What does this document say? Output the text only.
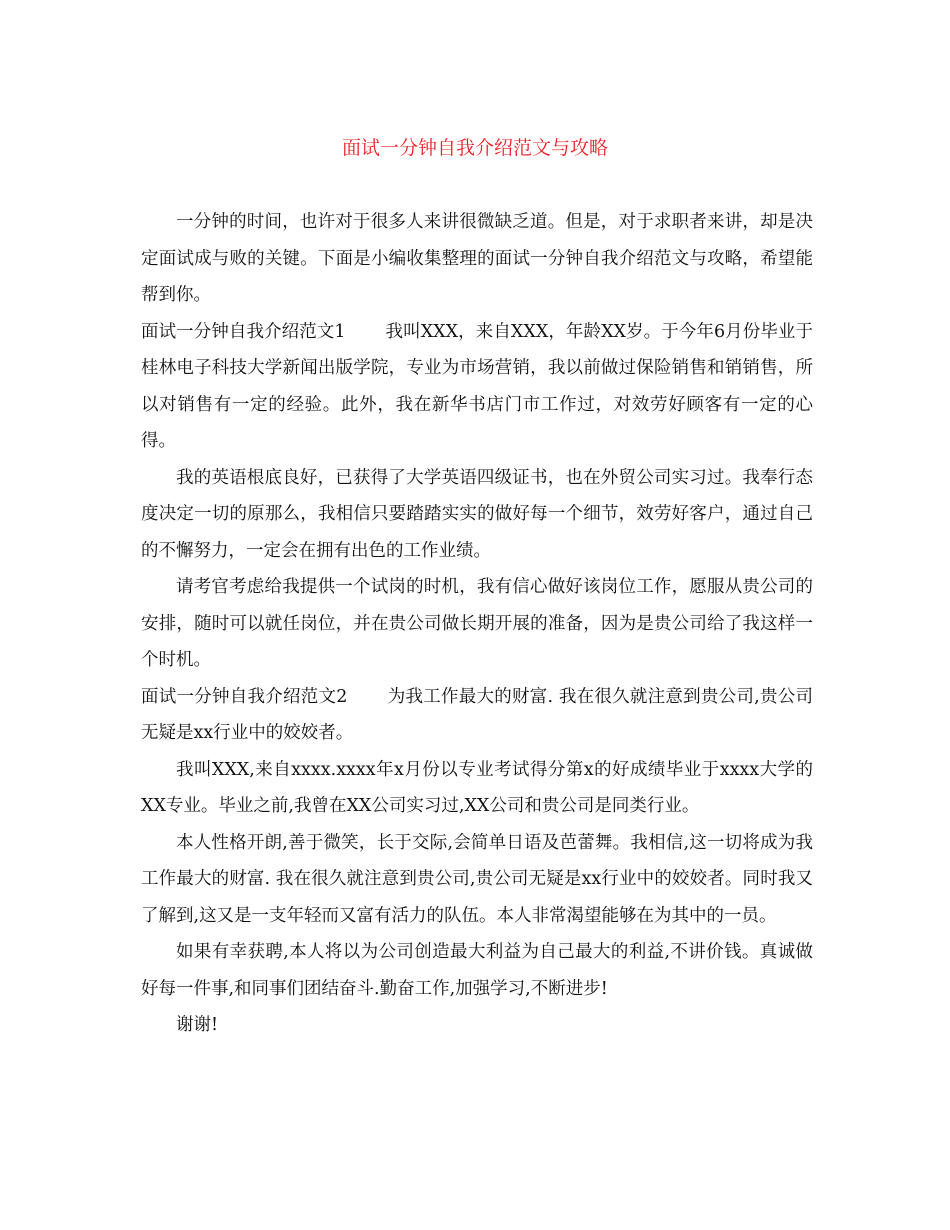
面试一分钟自我介绍范文与攻略

一分钟的时间，也许对于很多人来讲很微缺乏道。但是，对于求职者来讲，却是决定面试成与败的关键。下面是小编收集整理的面试一分钟自我介绍范文与攻略，希望能帮到你。

面试一分钟自我介绍范文1 我叫XXX，来自XXX，年龄XX岁。于今年6月份毕业于桂林电子科技大学新闻出版学院，专业为市场营销，我以前做过保险销售和销销售，所以对销售有一定的经验。此外，我在新华书店门市工作过，对效劳好顾客有一定的心得。

我的英语根底良好，已获得了大学英语四级证书，也在外贸公司实习过。我奉行态度决定一切的原那么，我相信只要踏踏实实的做好每一个细节，效劳好客户，通过自己的不懈努力，一定会在拥有出色的工作业绩。

请考官考虑给我提供一个试岗的时机，我有信心做好该岗位工作，愿服从贵公司的安排，随时可以就任岗位，并在贵公司做长期开展的准备，因为是贵公司给了我这样一个时机。

面试一分钟自我介绍范文2 为我工作最大的财富. 我在很久就注意到贵公司,贵公司无疑是xx行业中的姣姣者。

我叫XXX,来自xxxx.xxxx年x月份以专业考试得分第x的好成绩毕业于xxxx大学的XX专业。毕业之前,我曾在XX公司实习过,XX公司和贵公司是同类行业。

本人性格开朗,善于微笑，长于交际,会简单日语及芭蕾舞。我相信,这一切将成为我工作最大的财富. 我在很久就注意到贵公司,贵公司无疑是xx行业中的姣姣者。同时我又了解到,这又是一支年轻而又富有活力的队伍。本人非常渴望能够在为其中的一员。

如果有幸获聘,本人将以为公司创造最大利益为自己最大的利益,不讲价钱。真诚做好每一件事,和同事们团结奋斗.勤奋工作,加强学习,不断进步!

谢谢!
